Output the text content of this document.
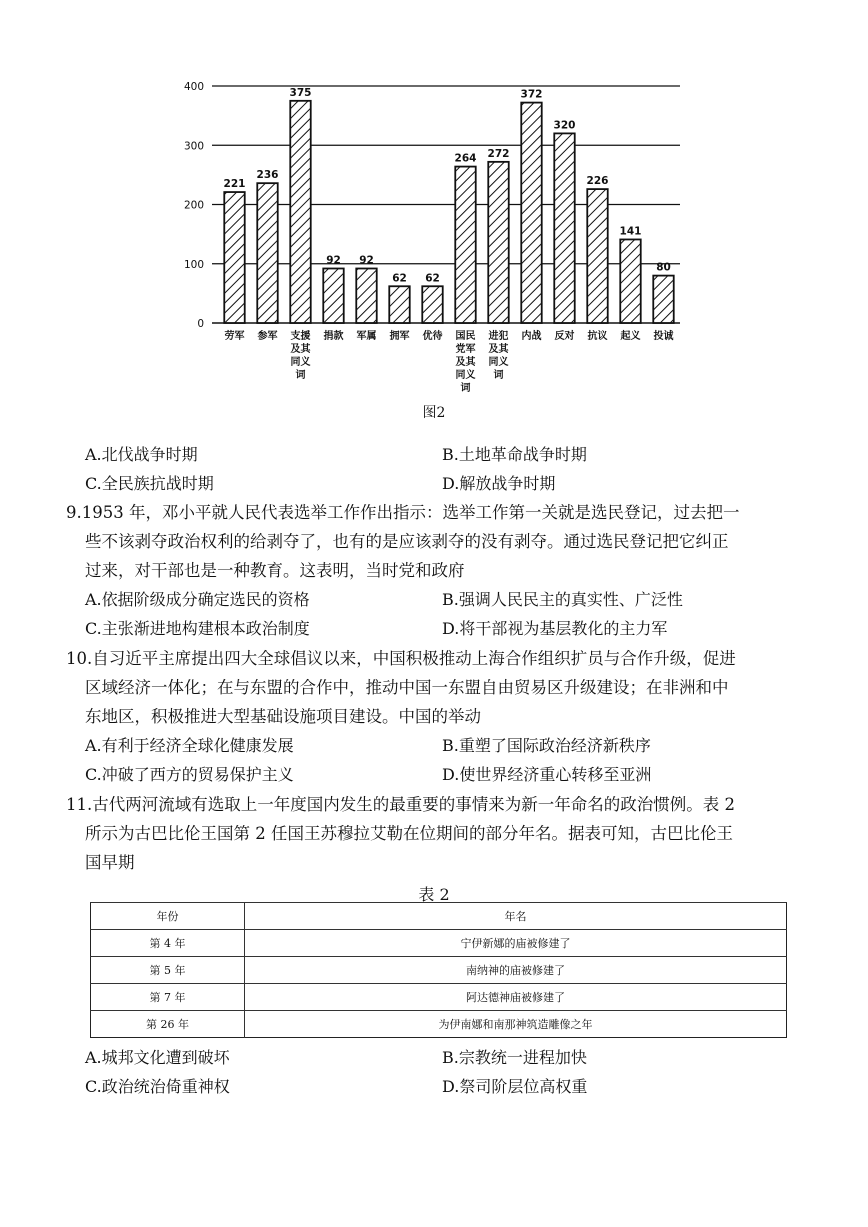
0
100
200
300
400
221
劳军
236
参军
375
支援及其同义词
92
捐款
92
军属
62
拥军
62
优待
264
国民党军及其同义词
272
进犯及其同义词
372
内战
320
反对
226
抗议
141
起义
80
投诚
图2
A.北伐战争时期	B.土地革命战争时期
C.全民族抗战时期	D.解放战争时期
9.1953 年，邓小平就人民代表选举工作作出指示：选举工作第一关就是选民登记，过去把一
些不该剥夺政治权利的给剥夺了，也有的是应该剥夺的没有剥夺。通过选民登记把它纠正
过来，对干部也是一种教育。这表明，当时党和政府
A.依据阶级成分确定选民的资格	B.强调人民民主的真实性、广泛性
C.主张渐进地构建根本政治制度	D.将干部视为基层教化的主力军
10.自习近平主席提出四大全球倡议以来，中国积极推动上海合作组织扩员与合作升级，促进
区域经济一体化；在与东盟的合作中，推动中国一东盟自由贸易区升级建设；在非洲和中
东地区，积极推进大型基础设施项目建设。中国的举动
A.有利于经济全球化健康发展	B.重塑了国际政治经济新秩序
C.冲破了西方的贸易保护主义	D.使世界经济重心转移至亚洲
11.古代两河流域有选取上一年度国内发生的最重要的事情来为新一年命名的政治惯例。表 2
所示为古巴比伦王国第 2 任国王苏穆拉艾勒在位期间的部分年名。据表可知，古巴比伦王
国早期
表 2
年份	年名
第 4 年	宁伊新娜的庙被修建了
第 5 年	南纳神的庙被修建了
第 7 年	阿达德神庙被修建了
第 26 年	为伊南娜和南那神筑造雕像之年
A.城邦文化遭到破坏	B.宗教统一进程加快
C.政治统治倚重神权	D.祭司阶层位高权重
